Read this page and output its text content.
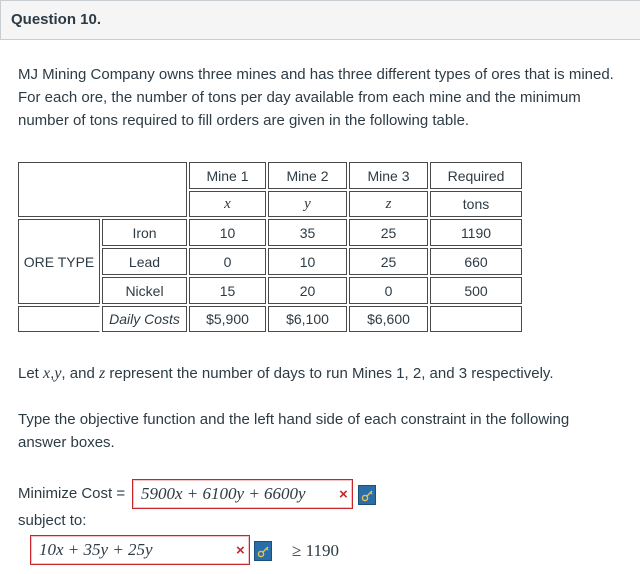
Question 10.
MJ Mining Company owns three mines and has three different types of ores that is mined. For each ore, the number of tons per day available from each mine and the minimum number of tons required to fill orders are given in the following table.
		Mine 1	Mine 2	Mine 3	Required
		x	y	z	tons
ORE TYPE	Iron	10	35	25	1190
	Lead	0	10	25	660
	Nickel	15	20	0	500
	Daily Costs	$5,900	$6,100	$6,600	
Let x,y, and z represent the number of days to run Mines 1, 2, and 3 respectively.
Type the objective function and the left hand side of each constraint in the following answer boxes.
Minimize Cost = 5900x + 6100y + 6600y	×
subject to:
10x + 35y + 25y	×	≥ 1190
